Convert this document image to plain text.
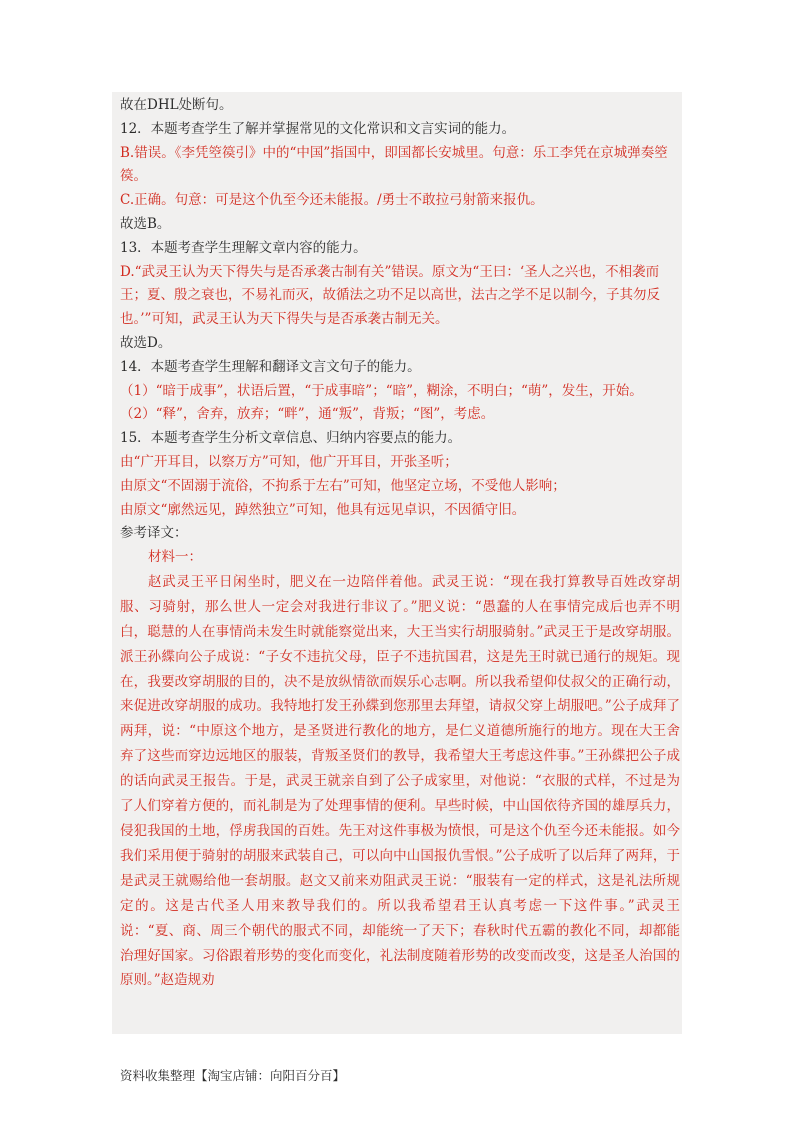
故在DHL处断句。
12．本题考查学生了解并掌握常见的文化常识和文言实词的能力。
B.错误。《李凭箜篌引》中的“中国”指国中，即国都长安城里。句意：乐工李凭在京城弹奏箜篌。
C.正确。句意：可是这个仇至今还未能报。/勇士不敢拉弓射箭来报仇。
故选B。
13．本题考查学生理解文章内容的能力。
D.“武灵王认为天下得失与是否承袭古制有关”错误。原文为“王曰：‘圣人之兴也，不相袭而王；夏、殷之衰也，不易礼而灭，故循法之功不足以高世，法古之学不足以制今，子其勿反也。’”可知，武灵王认为天下得失与是否承袭古制无关。
故选D。
14．本题考查学生理解和翻译文言文句子的能力。
（1）“暗于成事”，状语后置，“于成事暗”；“暗”，糊涂，不明白；“萌”，发生，开始。
（2）“释”，舍弃，放弃；“畔”，通“叛”，背叛；“图”，考虑。
15．本题考查学生分析文章信息、归纳内容要点的能力。
由“广开耳目，以察万方”可知，他广开耳目，开张圣听；
由原文“不固溺于流俗，不拘系于左右”可知，他坚定立场，不受他人影响；
由原文“廓然远见，踔然独立”可知，他具有远见卓识，不因循守旧。
参考译文：
材料一：
赵武灵王平日闲坐时，肥义在一边陪伴着他。武灵王说：“现在我打算教导百姓改穿胡服、习骑射，那么世人一定会对我进行非议了。”肥义说：“愚蠢的人在事情完成后也弄不明白，聪慧的人在事情尚未发生时就能察觉出来，大王当实行胡服骑射。”武灵王于是改穿胡服。派王孙緤向公子成说：“子女不违抗父母，臣子不违抗国君，这是先王时就已通行的规矩。现在，我要改穿胡服的目的，决不是放纵情欲而娱乐心志啊。所以我希望仰仗叔父的正确行动，来促进改穿胡服的成功。我特地打发王孙緤到您那里去拜望，请叔父穿上胡服吧。”公子成拜了两拜，说：“中原这个地方，是圣贤进行教化的地方，是仁义道德所施行的地方。现在大王舍弃了这些而穿边远地区的服装，背叛圣贤们的教导，我希望大王考虑这件事。”王孙緤把公子成的话向武灵王报告。于是，武灵王就亲自到了公子成家里，对他说：“衣服的式样，不过是为了人们穿着方便的，而礼制是为了处理事情的便利。早些时候，中山国依待齐国的雄厚兵力，侵犯我国的土地，俘虏我国的百姓。先王对这件事极为愤恨，可是这个仇至今还未能报。如今我们采用便于骑射的胡服来武装自己，可以向中山国报仇雪恨。”公子成听了以后拜了两拜，于是武灵王就赐给他一套胡服。赵文又前来劝阻武灵王说：“服装有一定的样式，这是礼法所规定的。这是古代圣人用来教导我们的。所以我希望君王认真考虑一下这件事。”武灵王说：“夏、商、周三个朝代的服式不同，却能统一了天下；春秋时代五霸的教化不同，却都能治理好国家。习俗跟着形势的变化而变化，礼法制度随着形势的改变而改变，这是圣人治国的原则。”赵造规劝
资料收集整理【淘宝店铺：向阳百分百】
